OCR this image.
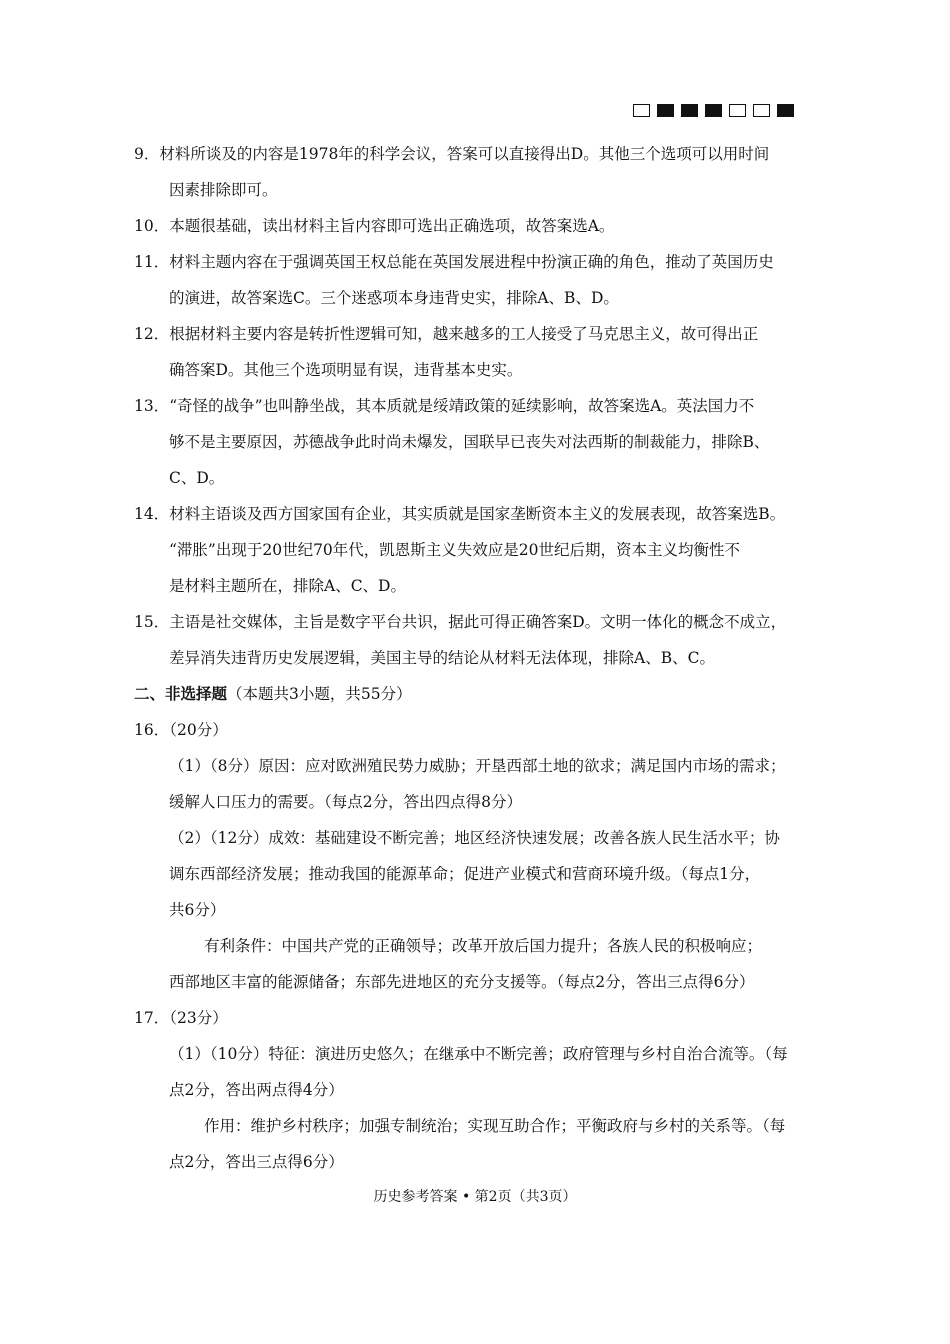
9．材料所谈及的内容是1978年的科学会议，答案可以直接得出D。其他三个选项可以用时间
因素排除即可。
10．本题很基础，读出材料主旨内容即可选出正确选项，故答案选A。
11．材料主题内容在于强调英国王权总能在英国发展进程中扮演正确的角色，推动了英国历史
的演进，故答案选C。三个迷惑项本身违背史实，排除A、B、D。
12．根据材料主要内容是转折性逻辑可知，越来越多的工人接受了马克思主义，故可得出正
确答案D。其他三个选项明显有误，违背基本史实。
13．“奇怪的战争”也叫静坐战，其本质就是绥靖政策的延续影响，故答案选A。英法国力不
够不是主要原因，苏德战争此时尚未爆发，国联早已丧失对法西斯的制裁能力，排除B、
C、D。
14．材料主语谈及西方国家国有企业，其实质就是国家垄断资本主义的发展表现，故答案选B。
“滞胀”出现于20世纪70年代，凯恩斯主义失效应是20世纪后期，资本主义均衡性不
是材料主题所在，排除A、C、D。
15．主语是社交媒体，主旨是数字平台共识，据此可得正确答案D。文明一体化的概念不成立，
差异消失违背历史发展逻辑，美国主导的结论从材料无法体现，排除A、B、C。
二、非选择题（本题共3小题，共55分）
16．（20分）
（1）（8分）原因：应对欧洲殖民势力威胁；开垦西部土地的欲求；满足国内市场的需求；
缓解人口压力的需要。（每点2分，答出四点得8分）
（2）（12分）成效：基础建设不断完善；地区经济快速发展；改善各族人民生活水平；协
调东西部经济发展；推动我国的能源革命；促进产业模式和营商环境升级。（每点1分，
共6分）
有利条件：中国共产党的正确领导；改革开放后国力提升；各族人民的积极响应；
西部地区丰富的能源储备；东部先进地区的充分支援等。（每点2分，答出三点得6分）
17．（23分）
（1）（10分）特征：演进历史悠久；在继承中不断完善；政府管理与乡村自治合流等。（每
点2分，答出两点得4分）
作用：维护乡村秩序；加强专制统治；实现互助合作；平衡政府与乡村的关系等。（每
点2分，答出三点得6分）
历史参考答案 • 第2页（共3页）
